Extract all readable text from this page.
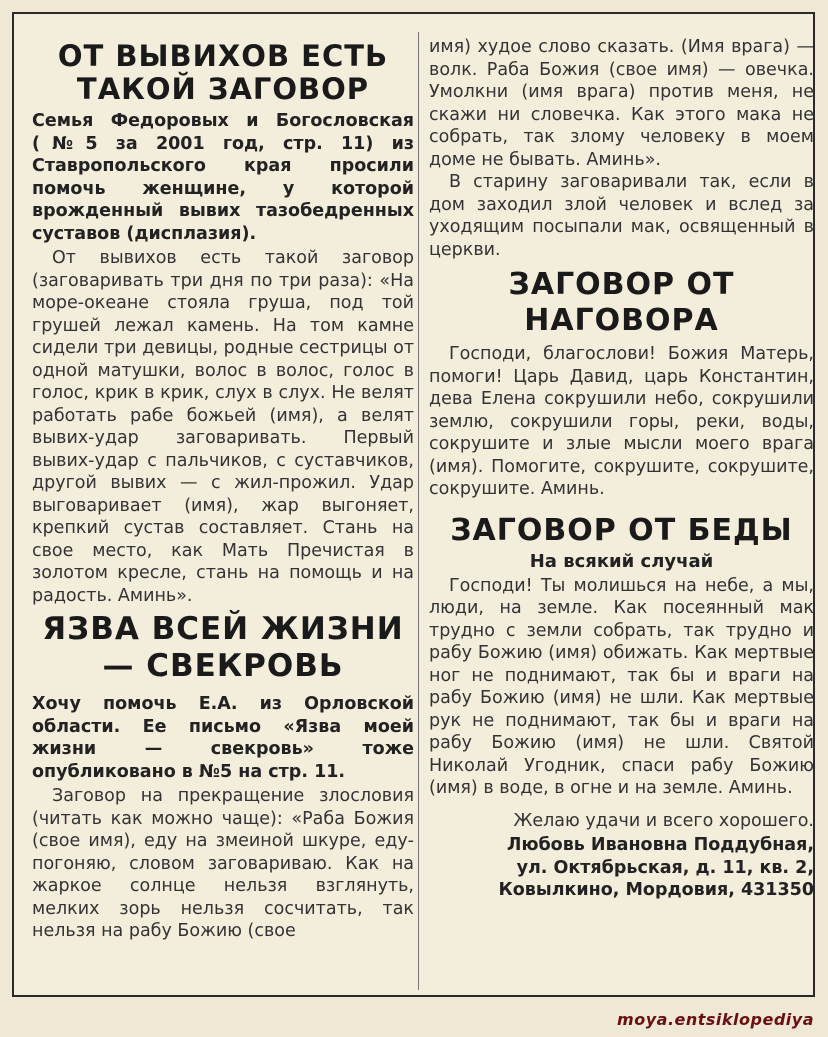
ОТ ВЫВИХОВ ЕСТЬ ТАКОЙ ЗАГОВОР

Семья Федоровых и Богословская (№5 за 2001 год, стр. 11) из Ставропольского края просили помочь женщине, у которой врожденный вывих тазобедренных суставов (дисплазия).

От вывихов есть такой заговор (заговаривать три дня по три раза): «На море-океане стояла груша, под той грушей лежал камень. На том камне сидели три девицы, родные сестрицы от одной матушки, волос в волос, голос в голос, крик в крик, слух в слух. Не велят работать рабе божьей (имя), а велят вывих-удар заговаривать. Первый вывих-удар с пальчиков, с суставчиков, другой вывих — с жил-прожил. Удар выговаривает (имя), жар выгоняет, крепкий сустав составляет. Стань на свое место, как Мать Пречистая в золотом кресле, стань на помощь и на радость. Аминь».

ЯЗВА ВСЕЙ ЖИЗНИ — СВЕКРОВЬ

Хочу помочь Е.А. из Орловской области. Ее письмо «Язва моей жизни — свекровь» тоже опубликовано в №5 на стр. 11.

Заговор на прекращение злословия (читать как можно чаще): «Раба Божия (свое имя), еду на змеиной шкуре, еду-погоняю, словом заговариваю. Как на жаркое солнце нельзя взглянуть, мелких зорь нельзя сосчитать, так нельзя на рабу Божию (свое

имя) худое слово сказать. (Имя врага) — волк. Раба Божия (свое имя) — овечка. Умолкни (имя врага) против меня, не скажи ни словечка. Как этого мака не собрать, так злому человеку в моем доме не бывать. Аминь».

В старину заговаривали так, если в дом заходил злой человек и вслед за уходящим посыпали мак, освященный в церкви.

ЗАГОВОР ОТ НАГОВОРА

Господи, благослови! Божия Матерь, помоги! Царь Давид, царь Константин, дева Елена сокрушили небо, сокрушили землю, сокрушили горы, реки, воды, сокрушите и злые мысли моего врага (имя). Помогите, сокрушите, сокрушите, сокрушите. Аминь.

ЗАГОВОР ОТ БЕДЫ

На всякий случай

Господи! Ты молишься на небе, а мы, люди, на земле. Как посеянный мак трудно с земли собрать, так трудно и рабу Божию (имя) обижать. Как мертвые ног не поднимают, так бы и враги на рабу Божию (имя) не шли. Как мертвые рук не поднимают, так бы и враги на рабу Божию (имя) не шли. Святой Николай Угодник, спаси рабу Божию (имя) в воде, в огне и на земле. Аминь.

Желаю удачи и всего хорошего.

Любовь Ивановна Поддубная,

ул. Октябрьская, д. 11, кв. 2,

Ковылкино, Мордовия, 431350

moya.entsiklopediya
